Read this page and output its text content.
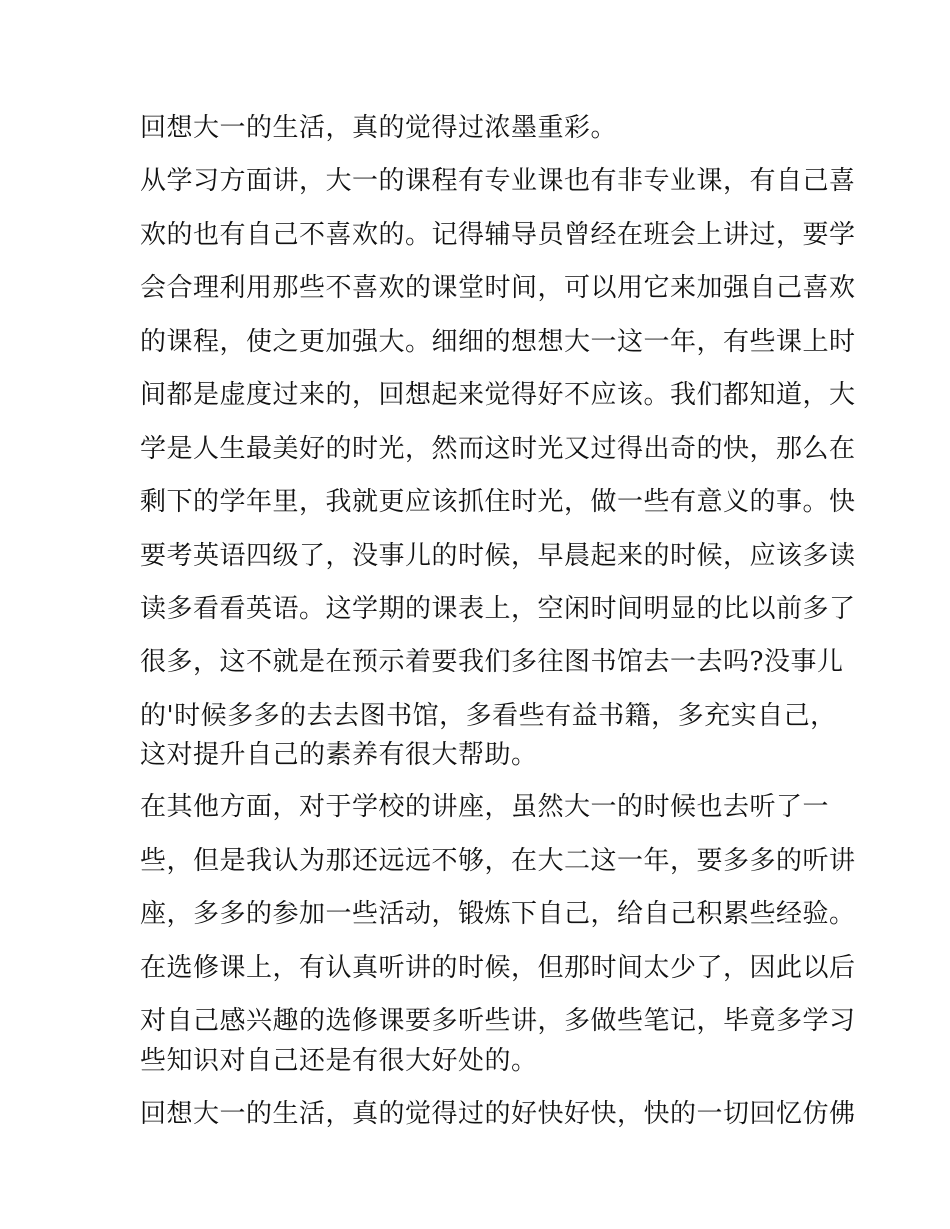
回想大一的生活，真的觉得过浓墨重彩。

从学习方面讲，大一的课程有专业课也有非专业课，有自己喜

欢的也有自己不喜欢的。记得辅导员曾经在班会上讲过，要学

会合理利用那些不喜欢的课堂时间，可以用它来加强自己喜欢

的课程，使之更加强大。细细的想想大一这一年，有些课上时

间都是虚度过来的，回想起来觉得好不应该。我们都知道，大

学是人生最美好的时光，然而这时光又过得出奇的快，那么在

剩下的学年里，我就更应该抓住时光，做一些有意义的事。快

要考英语四级了，没事儿的时候，早晨起来的时候，应该多读

读多看看英语。这学期的课表上，空闲时间明显的比以前多了

很多，这不就是在预示着要我们多往图书馆去一去吗?没事儿

的'时候多多的去去图书馆，多看些有益书籍，多充实自己，

这对提升自己的素养有很大帮助。

在其他方面，对于学校的讲座，虽然大一的时候也去听了一

些，但是我认为那还远远不够，在大二这一年，要多多的听讲

座，多多的参加一些活动，锻炼下自己，给自己积累些经验。

在选修课上，有认真听讲的时候，但那时间太少了，因此以后

对自己感兴趣的选修课要多听些讲，多做些笔记，毕竟多学习

些知识对自己还是有很大好处的。

回想大一的生活，真的觉得过的好快好快，快的一切回忆仿佛
